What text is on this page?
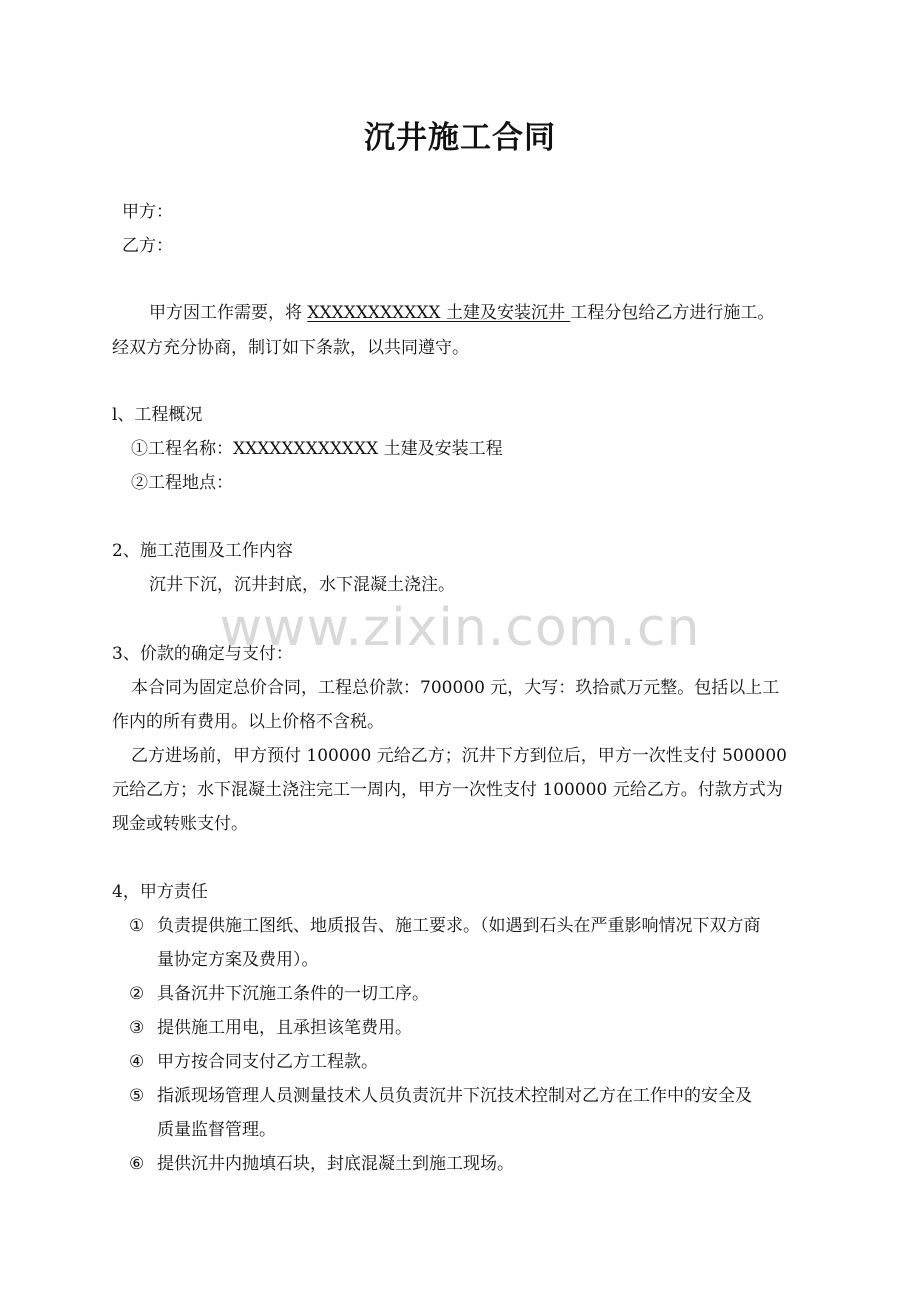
沉井施工合同
甲方：
乙方：
甲方因工作需要，将 XXXXXXXXXXX 土建及安装沉井 工程分包给乙方进行施工。
经双方充分协商，制订如下条款，以共同遵守。
l、工程概况
①工程名称：XXXXXXXXXXXX 土建及安装工程
②工程地点：
2、施工范围及工作内容
沉井下沉，沉井封底，水下混凝土浇注。
3、价款的确定与支付：
本合同为固定总价合同，工程总价款：700000 元，大写：玖拾贰万元整。包括以上工
作内的所有费用。以上价格不含税。
乙方进场前，甲方预付 100000 元给乙方；沉井下方到位后，甲方一次性支付 500000
元给乙方；水下混凝土浇注完工一周内，甲方一次性支付 100000 元给乙方。付款方式为
现金或转账支付。
4，甲方责任
① 负责提供施工图纸、地质报告、施工要求。（如遇到石头在严重影响情况下双方商
量协定方案及费用）。
② 具备沉井下沉施工条件的一切工序。
③ 提供施工用电，且承担该笔费用。
④ 甲方按合同支付乙方工程款。
⑤ 指派现场管理人员测量技术人员负责沉井下沉技术控制对乙方在工作中的安全及
质量监督管理。
⑥ 提供沉井内抛填石块，封底混凝土到施工现场。
www.zixin.com.cn
